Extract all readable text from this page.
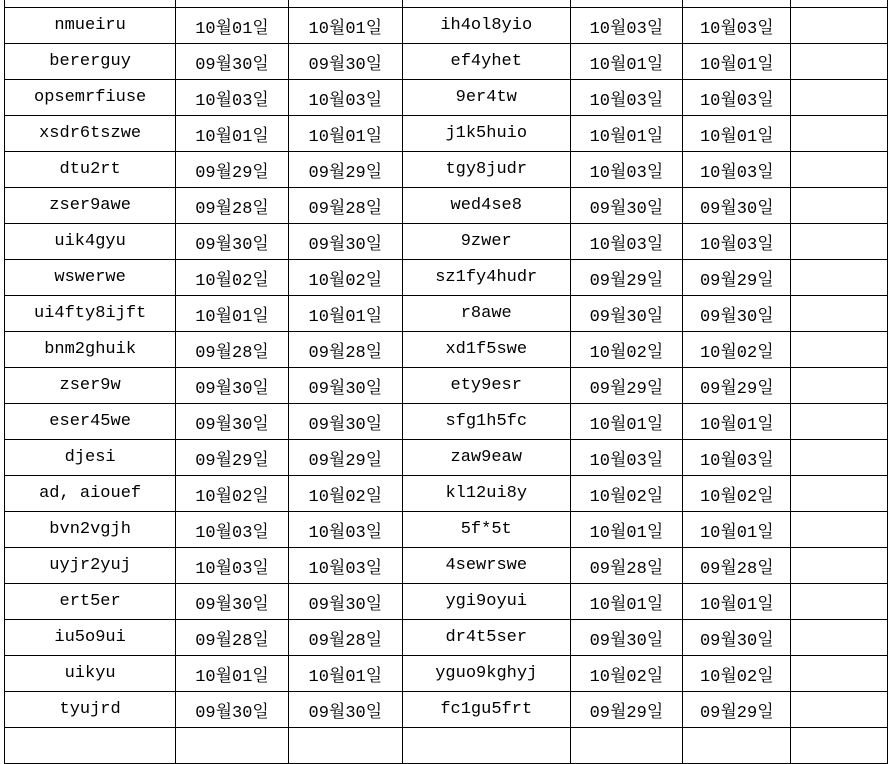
nmueiru	10월01일	10월01일	ih4ol8yio	10월03일	10월03일	
bererguy	09월30일	09월30일	ef4yhet	10월01일	10월01일	
opsemrfiuse	10월03일	10월03일	9er4tw	10월03일	10월03일	
xsdr6tszwe	10월01일	10월01일	j1k5huio	10월01일	10월01일	
dtu2rt	09월29일	09월29일	tgy8judr	10월03일	10월03일	
zser9awe	09월28일	09월28일	wed4se8	09월30일	09월30일	
uik4gyu	09월30일	09월30일	9zwer	10월03일	10월03일	
wswerwe	10월02일	10월02일	sz1fy4hudr	09월29일	09월29일	
ui4fty8ijft	10월01일	10월01일	r8awe	09월30일	09월30일	
bnm2ghuik	09월28일	09월28일	xd1f5swe	10월02일	10월02일	
zser9w	09월30일	09월30일	ety9esr	09월29일	09월29일	
eser45we	09월30일	09월30일	sfg1h5fc	10월01일	10월01일	
djesi	09월29일	09월29일	zaw9eaw	10월03일	10월03일	
ad, aiouef	10월02일	10월02일	kl12ui8y	10월02일	10월02일	
bvn2vgjh	10월03일	10월03일	5f*5t	10월01일	10월01일	
uyjr2yuj	10월03일	10월03일	4sewrswe	09월28일	09월28일	
ert5er	09월30일	09월30일	ygi9oyui	10월01일	10월01일	
iu5o9ui	09월28일	09월28일	dr4t5ser	09월30일	09월30일	
uikyu	10월01일	10월01일	yguo9kghyj	10월02일	10월02일	
tyujrd	09월30일	09월30일	fc1gu5frt	09월29일	09월29일	
